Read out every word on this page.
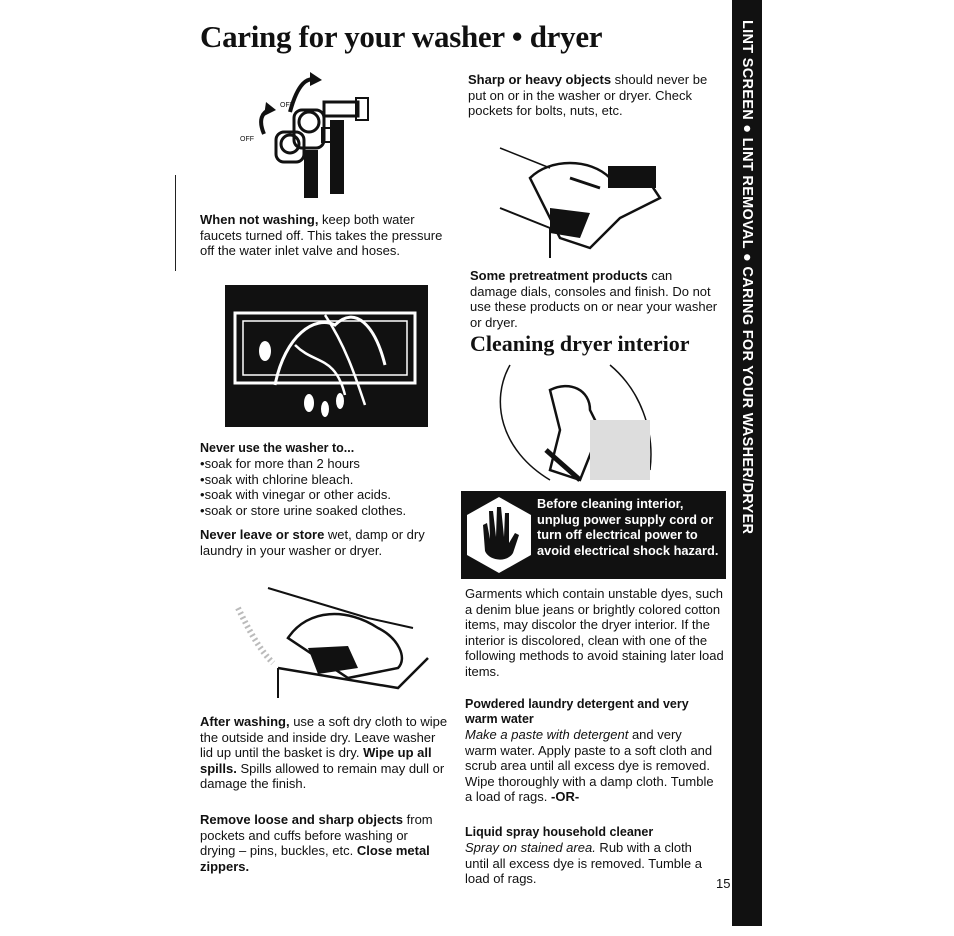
Caring for your washer • dryer	LINT SCREEN ● LINT REMOVAL ● CARING FOR YOUR WASHER/DRYER
OFF
OFF

When not washing, keep both water faucets turned off. This takes the pressure off the water inlet valve and hoses.

Never use the washer to...
• soak for more than 2 hours
• soak with chlorine bleach.
• soak with vinegar or other acids.
• soak or store urine soaked clothes.

Never leave or store wet, damp or dry laundry in your washer or dryer.

After washing, use a soft dry cloth to wipe the outside and inside dry. Leave washer lid up until the basket is dry. Wipe up all spills. Spills allowed to remain may dull or damage the finish.

Remove loose and sharp objects from pockets and cuffs before washing or drying – pins, buckles, etc. Close metal zippers.

Sharp or heavy objects should never be put on or in the washer or dryer. Check pockets for bolts, nuts, etc.

Some pretreatment products can damage dials, consoles and finish. Do not use these products on or near your washer or dryer.

Cleaning dryer interior
Before cleaning interior, unplug power supply cord or turn off electrical power to avoid electrical shock hazard.

Garments which contain unstable dyes, such a denim blue jeans or brightly colored cotton items, may discolor the dryer interior. If the interior is discolored, clean with one of the following methods to avoid staining later load items.

Powdered laundry detergent and very warm water

Make a paste with detergent and very warm water. Apply paste to a soft cloth and scrub area until all excess dye is removed. Wipe thoroughly with a damp cloth. Tumble a load of rags. -OR-

Liquid spray household cleaner

Spray on stained area. Rub with a cloth until all excess dye is removed. Tumble a load of rags.	15
